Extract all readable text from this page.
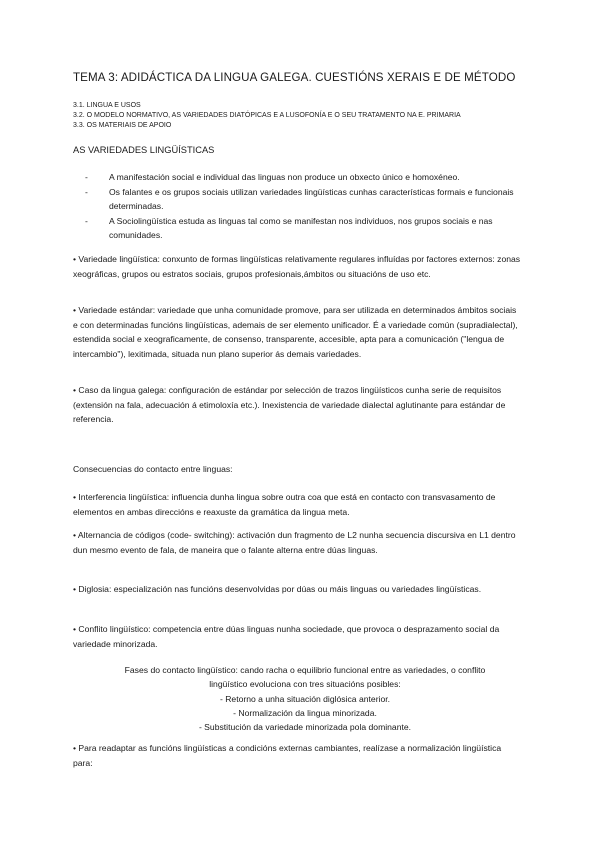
TEMA 3: ADIDÁCTICA DA LINGUA GALEGA. CUESTIÓNS XERAIS E DE MÉTODO
3.1. LINGUA E USOS
3.2. O MODELO NORMATIVO, AS VARIEDADES DIATÓPICAS E A LUSOFONÍA E O SEU TRATAMENTO NA E. PRIMARIA
3.3. OS MATERIAIS DE APOIO
AS VARIEDADES LINGÜÍSTICAS
-	A manifestación social e individual das linguas non produce un obxecto único e homoxéneo.
-	Os falantes e os grupos sociais utilizan variedades lingüísticas cunhas características formais e funcionais determinadas.
-	A Sociolingüística estuda as linguas tal como se manifestan nos individuos, nos grupos sociais e nas comunidades.
• Variedade lingüística: conxunto de formas lingüísticas relativamente regulares influídas por factores externos: zonas xeográficas, grupos ou estratos sociais, grupos profesionais,ámbitos ou situacións de uso etc.
• Variedade estándar: variedade que unha comunidade promove, para ser utilizada en determinados ámbitos sociais e con determinadas funcións lingüísticas, ademais de ser elemento unificador. É a variedade común (supradialectal), estendida social e xeograficamente, de consenso, transparente, accesible, apta para a comunicación ("lengua de intercambio"), lexitimada, situada nun plano superior ás demais variedades.
• Caso da lingua galega: configuración de estándar por selección de trazos lingüísticos cunha serie de requisitos (extensión na fala, adecuación á etimoloxía etc.). Inexistencia de variedade dialectal aglutinante para estándar de referencia.
Consecuencias do contacto entre linguas:
• Interferencia lingüística: influencia dunha lingua sobre outra coa que está en contacto con transvasamento de elementos en ambas direccións e reaxuste da gramática da lingua meta.
• Alternancia de códigos (code- switching): activación dun fragmento de L2 nunha secuencia discursiva en L1 dentro dun mesmo evento de fala, de maneira que o falante alterna entre dúas linguas.
• Diglosia: especialización nas funcións desenvolvidas por dúas ou máis linguas ou variedades lingüísticas.
• Conflito lingüístico: competencia entre dúas linguas nunha sociedade, que provoca o desprazamento social da variedade minorizada.
Fases do contacto lingüístico: cando racha o equilibrio funcional entre as variedades, o conflito
lingüístico evoluciona con tres situacións posibles:
- Retorno a unha situación diglósica anterior.
- Normalización da lingua minorizada.
- Substitución da variedade minorizada pola dominante.
• Para readaptar as funcións lingüísticas a condicións externas cambiantes, realízase a normalización lingüística para:
